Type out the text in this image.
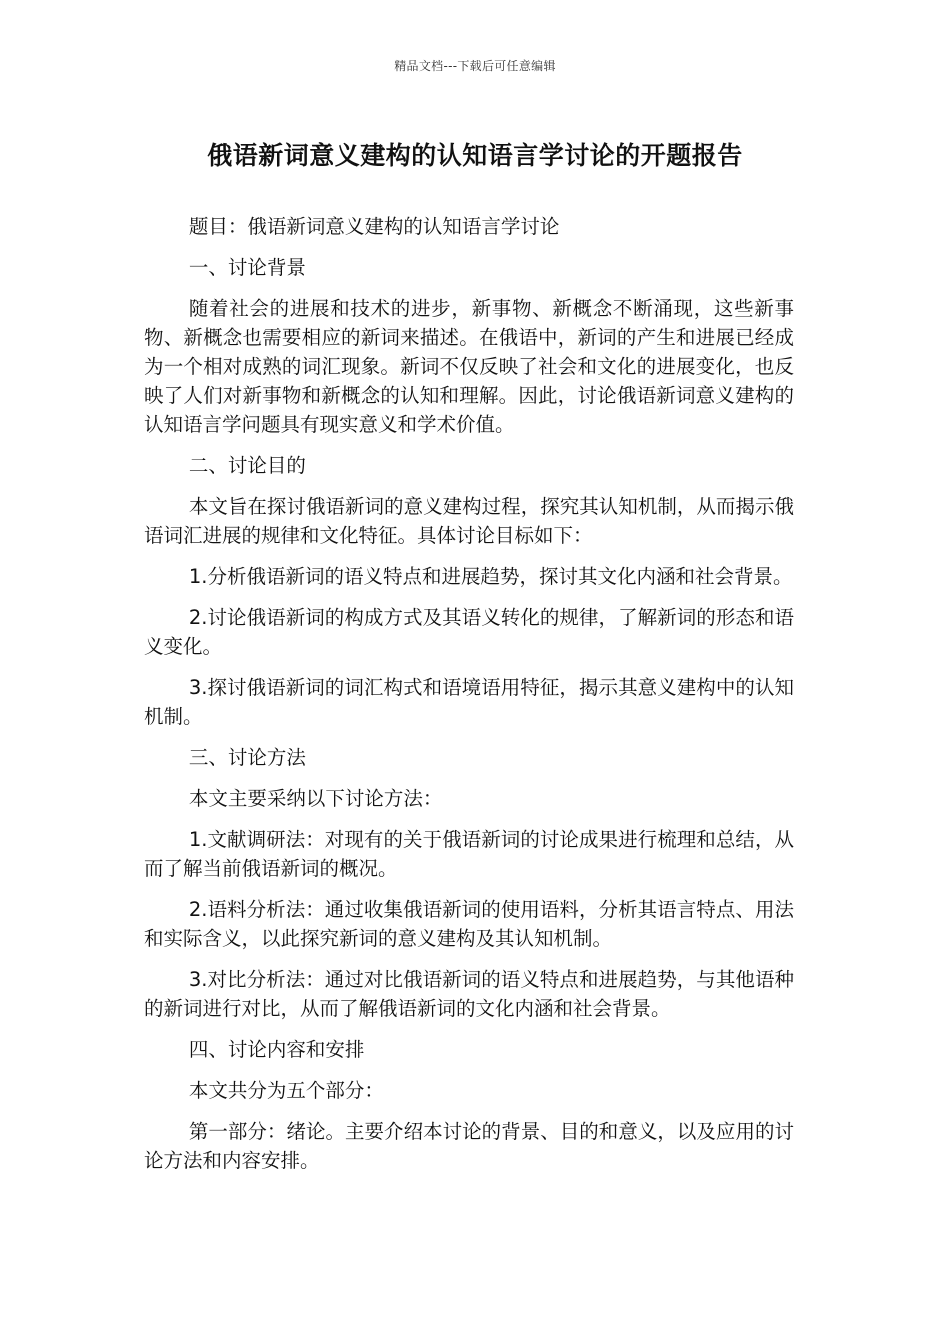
精品文档---下载后可任意编辑
俄语新词意义建构的认知语言学讨论的开题报告

题目：俄语新词意义建构的认知语言学讨论

一、讨论背景

随着社会的进展和技术的进步，新事物、新概念不断涌现，这些新事物、新概念也需要相应的新词来描述。在俄语中，新词的产生和进展已经成为一个相对成熟的词汇现象。新词不仅反映了社会和文化的进展变化，也反映了人们对新事物和新概念的认知和理解。因此，讨论俄语新词意义建构的认知语言学问题具有现实意义和学术价值。

二、讨论目的

本文旨在探讨俄语新词的意义建构过程，探究其认知机制，从而揭示俄语词汇进展的规律和文化特征。具体讨论目标如下：

1.分析俄语新词的语义特点和进展趋势，探讨其文化内涵和社会背景。

2.讨论俄语新词的构成方式及其语义转化的规律，了解新词的形态和语义变化。

3.探讨俄语新词的词汇构式和语境语用特征，揭示其意义建构中的认知机制。

三、讨论方法

本文主要采纳以下讨论方法：

1.文献调研法：对现有的关于俄语新词的讨论成果进行梳理和总结，从而了解当前俄语新词的概况。

2.语料分析法：通过收集俄语新词的使用语料，分析其语言特点、用法和实际含义，以此探究新词的意义建构及其认知机制。

3.对比分析法：通过对比俄语新词的语义特点和进展趋势，与其他语种的新词进行对比，从而了解俄语新词的文化内涵和社会背景。

四、讨论内容和安排

本文共分为五个部分：

第一部分：绪论。主要介绍本讨论的背景、目的和意义，以及应用的讨论方法和内容安排。
